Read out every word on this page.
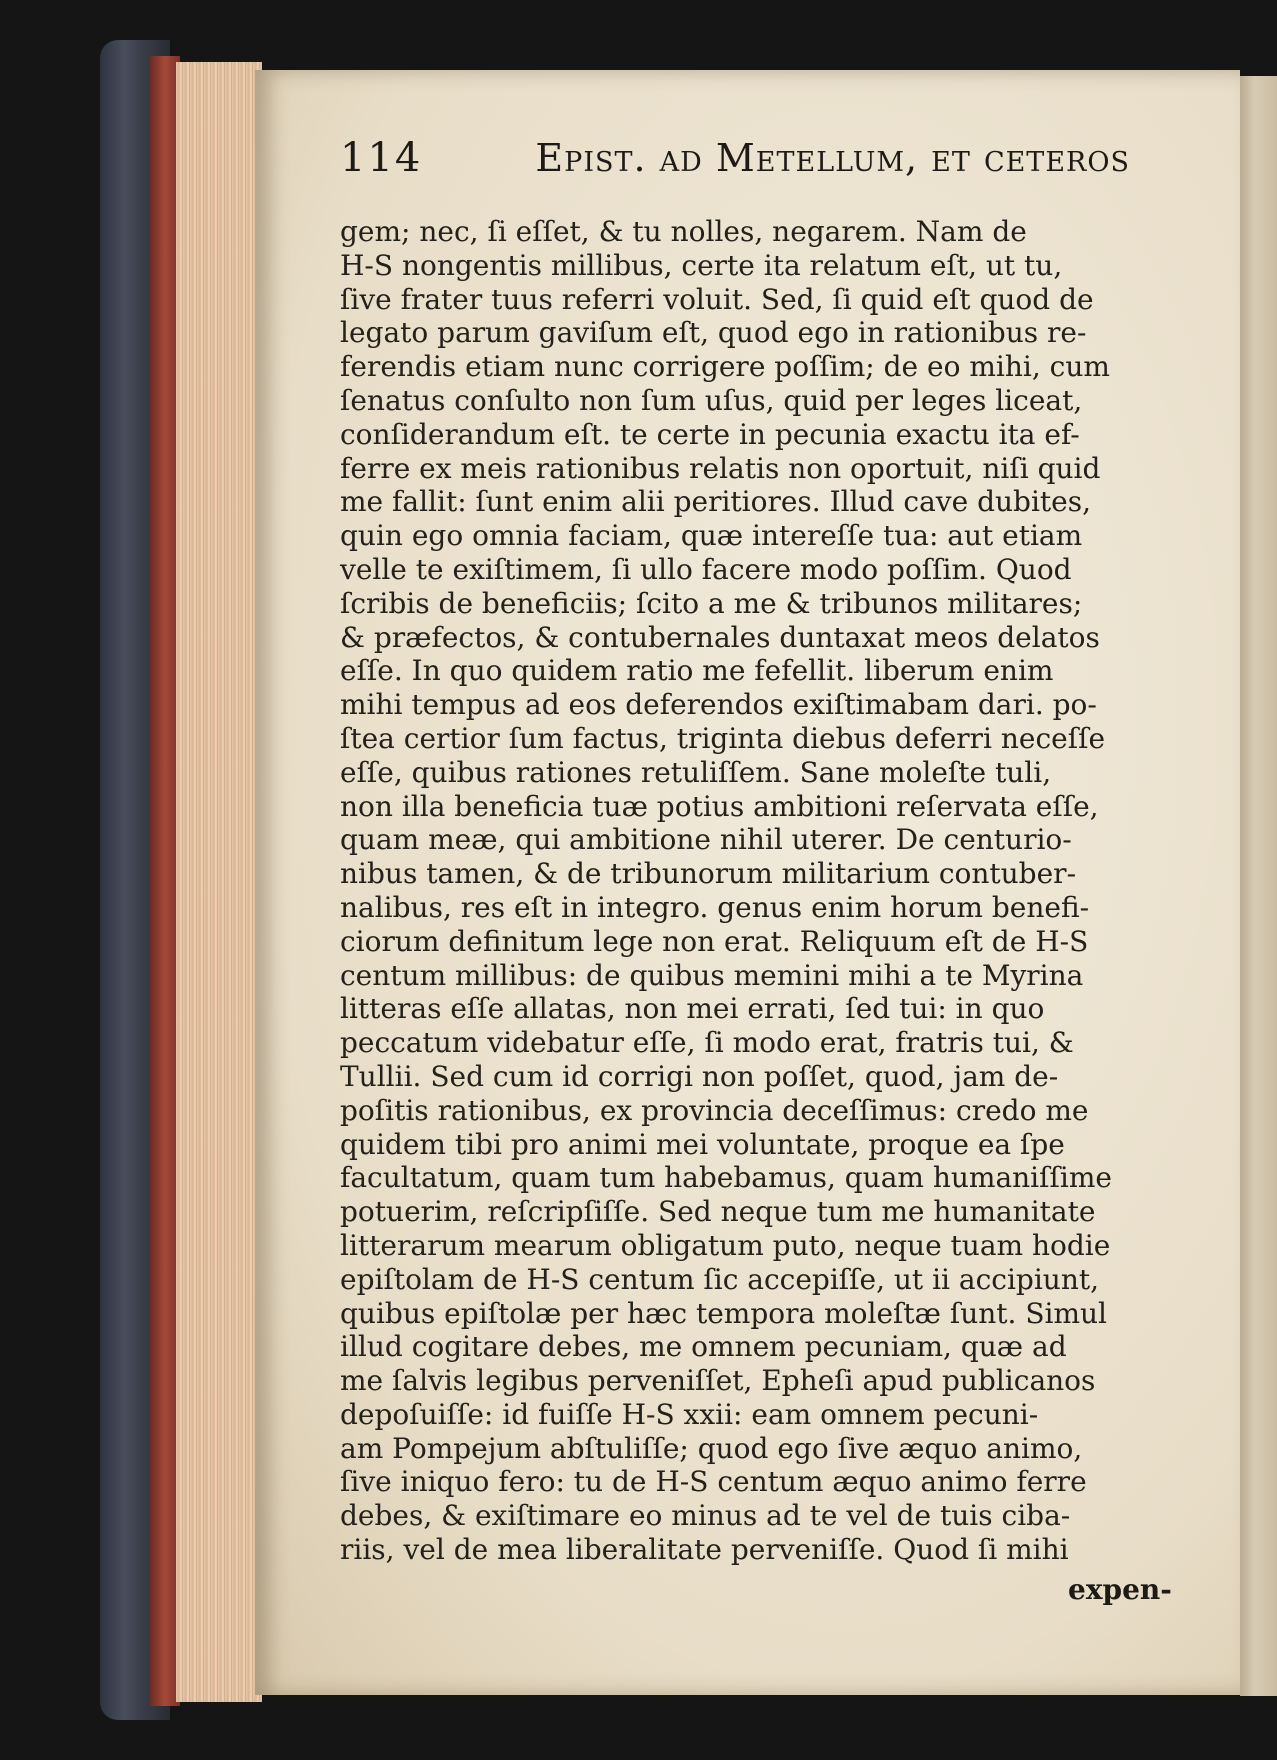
114	Epist. ad Metellum, et ceteros
gem; nec, ſi eſſet, & tu nolles, negarem. Nam de
H-S nongentis millibus, certe ita relatum eſt, ut tu,
ſive frater tuus referri voluit. Sed, ſi quid eſt quod de
legato parum gaviſum eſt, quod ego in rationibus re-
ferendis etiam nunc corrigere poſſim; de eo mihi, cum
ſenatus conſulto non ſum uſus, quid per leges liceat,
conſiderandum eſt. te certe in pecunia exactu ita ef-
ferre ex meis rationibus relatis non oportuit, niſi quid
me fallit: ſunt enim alii peritiores. Illud cave dubites,
quin ego omnia faciam, quæ intereſſe tua: aut etiam
velle te exiſtimem, ſi ullo facere modo poſſim. Quod
ſcribis de beneficiis; ſcito a me & tribunos militares;
& præfectos, & contubernales duntaxat meos delatos
eſſe. In quo quidem ratio me fefellit. liberum enim
mihi tempus ad eos deferendos exiſtimabam dari. po-
ſtea certior ſum factus, triginta diebus deferri neceſſe
eſſe, quibus rationes retuliſſem. Sane moleſte tuli,
non illa beneficia tuæ potius ambitioni reſervata eſſe,
quam meæ, qui ambitione nihil uterer. De centurio-
nibus tamen, & de tribunorum militarium contuber-
nalibus, res eſt in integro. genus enim horum benefi-
ciorum definitum lege non erat. Reliquum eſt de H-S
centum millibus: de quibus memini mihi a te Myrina
litteras eſſe allatas, non mei errati, ſed tui: in quo
peccatum videbatur eſſe, ſi modo erat, fratris tui, &
Tullii. Sed cum id corrigi non poſſet, quod, jam de-
poſitis rationibus, ex provincia deceſſimus: credo me
quidem tibi pro animi mei voluntate, proque ea ſpe
facultatum, quam tum habebamus, quam humaniſſime
potuerim, reſcripſiſſe. Sed neque tum me humanitate
litterarum mearum obligatum puto, neque tuam hodie
epiſtolam de H-S centum ſic accepiſſe, ut ii accipiunt,
quibus epiſtolæ per hæc tempora moleſtæ ſunt. Simul
illud cogitare debes, me omnem pecuniam, quæ ad
me ſalvis legibus perveniſſet, Epheſi apud publicanos
depoſuiſſe: id fuiſſe H-S xxii: eam omnem pecuni-
am Pompejum abſtuliſſe; quod ego ſive æquo animo,
ſive iniquo fero: tu de H-S centum æquo animo ferre
debes, & exiſtimare eo minus ad te vel de tuis ciba-
riis, vel de mea liberalitate perveniſſe. Quod ſi mihi
expen-
